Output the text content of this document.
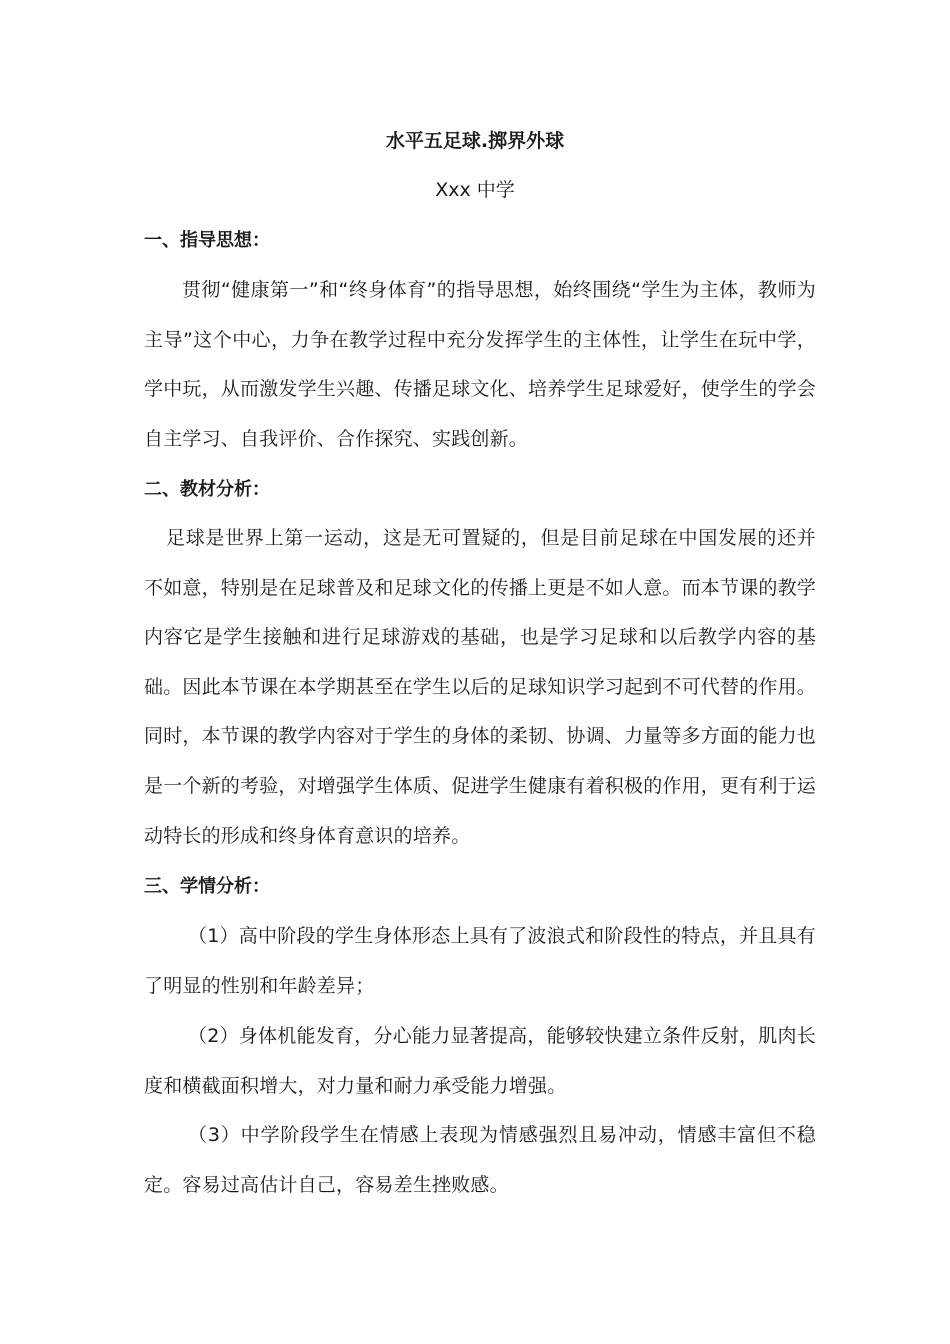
水平五足球.掷界外球
Xxx 中学
一、指导思想：
贯彻“健康第一”和“终身体育”的指导思想，始终围绕“学生为主体，教师为主导”这个中心，力争在教学过程中充分发挥学生的主体性，让学生在玩中学，学中玩，从而激发学生兴趣、传播足球文化、培养学生足球爱好，使学生的学会自主学习、自我评价、合作探究、实践创新。
二、教材分析：
足球是世界上第一运动，这是无可置疑的，但是目前足球在中国发展的还并不如意，特别是在足球普及和足球文化的传播上更是不如人意。而本节课的教学内容它是学生接触和进行足球游戏的基础，也是学习足球和以后教学内容的基础。因此本节课在本学期甚至在学生以后的足球知识学习起到不可代替的作用。同时，本节课的教学内容对于学生的身体的柔韧、协调、力量等多方面的能力也是一个新的考验，对增强学生体质、促进学生健康有着积极的作用，更有利于运动特长的形成和终身体育意识的培养。
三、学情分析：
（1）高中阶段的学生身体形态上具有了波浪式和阶段性的特点，并且具有了明显的性别和年龄差异；
（2）身体机能发育，分心能力显著提高，能够较快建立条件反射，肌肉长度和横截面积增大，对力量和耐力承受能力增强。
（3）中学阶段学生在情感上表现为情感强烈且易冲动，情感丰富但不稳定。容易过高估计自己，容易差生挫败感。
